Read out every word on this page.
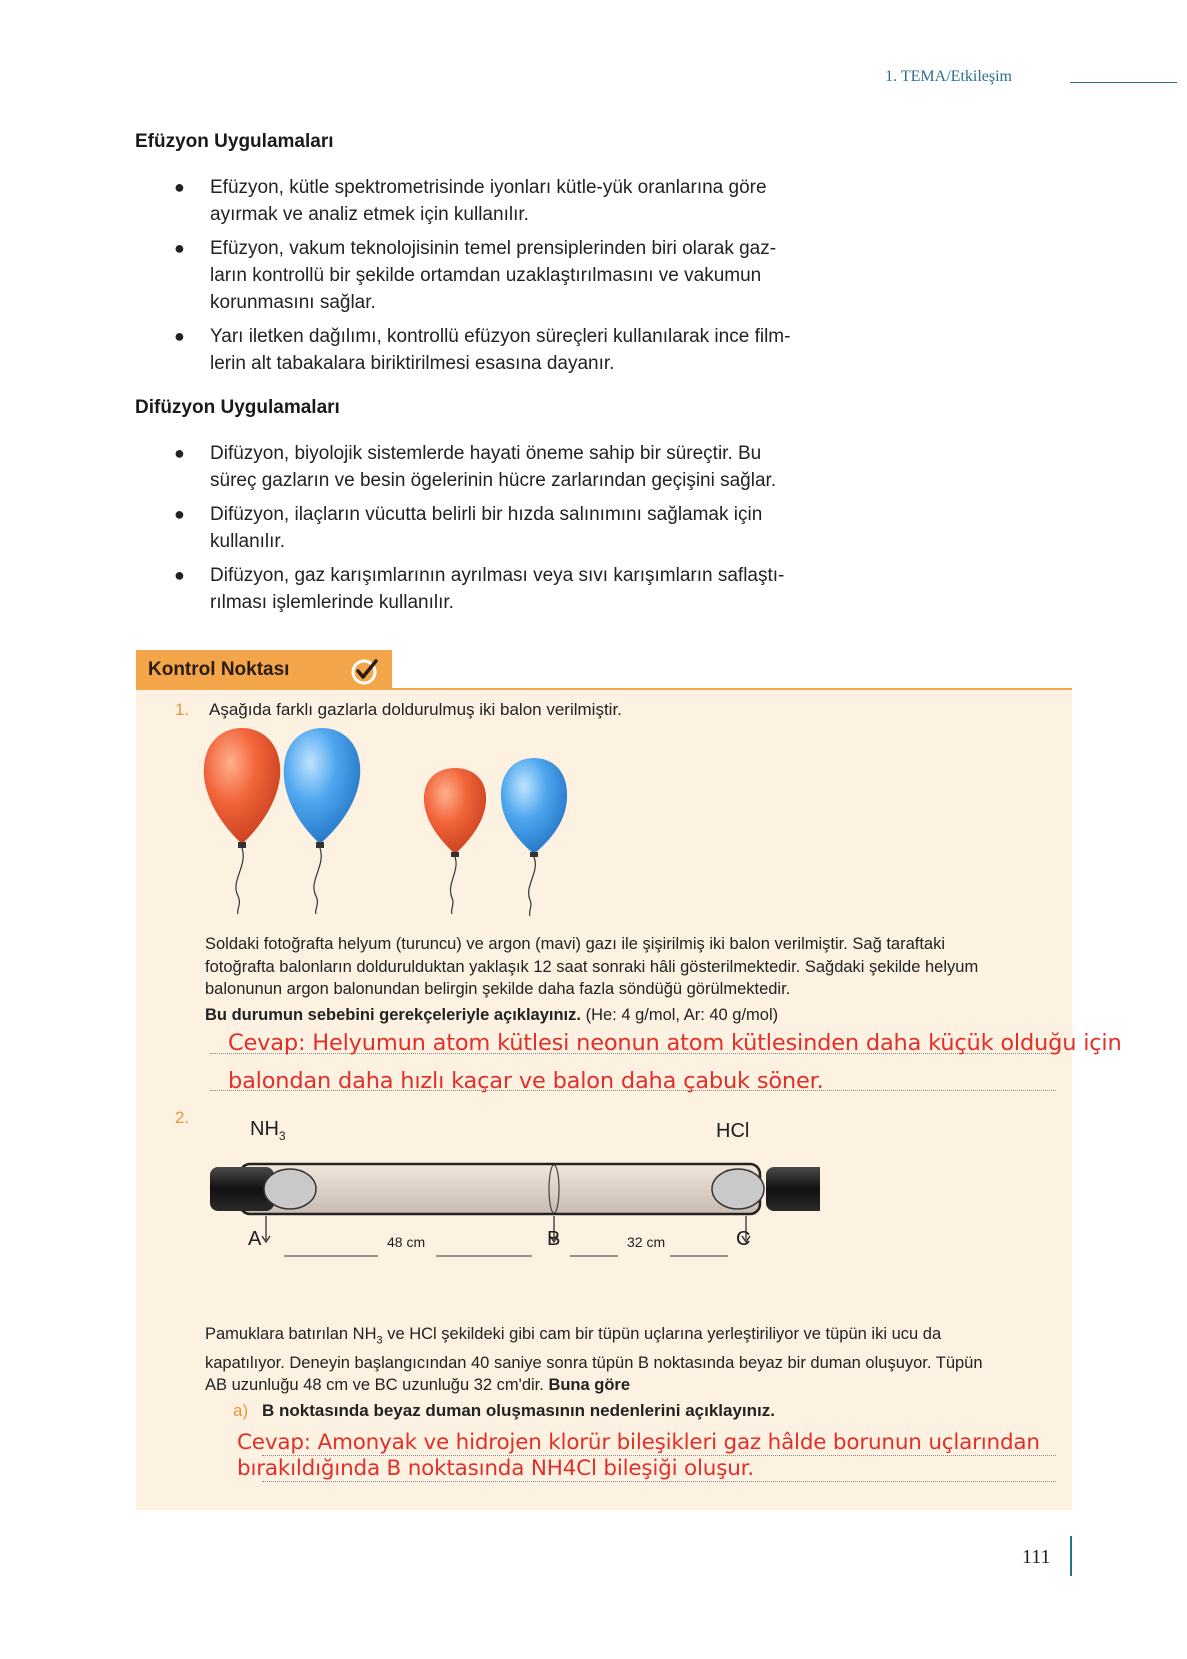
1. TEMA/Etkileşim
Efüzyon Uygulamaları
● Efüzyon, kütle spektrometrisinde iyonları kütle-yük oranlarına göre
ayırmak ve analiz etmek için kullanılır.
● Efüzyon, vakum teknolojisinin temel prensiplerinden biri olarak gaz-
ların kontrollü bir şekilde ortamdan uzaklaştırılmasını ve vakumun
korunmasını sağlar.
● Yarı iletken dağılımı, kontrollü efüzyon süreçleri kullanılarak ince film-
lerin alt tabakalara biriktirilmesi esasına dayanır.
Difüzyon Uygulamaları
● Difüzyon, biyolojik sistemlerde hayati öneme sahip bir süreçtir. Bu
süreç gazların ve besin ögelerinin hücre zarlarından geçişini sağlar.
● Difüzyon, ilaçların vücutta belirli bir hızda salınımını sağlamak için
kullanılır.
● Difüzyon, gaz karışımlarının ayrılması veya sıvı karışımların saflaştı-
rılması işlemlerinde kullanılır.
Kontrol Noktası
1. Aşağıda farklı gazlarla doldurulmuş iki balon verilmiştir.
Soldaki fotoğrafta helyum (turuncu) ve argon (mavi) gazı ile şişirilmiş iki balon verilmiştir. Sağ taraftaki
fotoğrafta balonların doldurulduktan yaklaşık 12 saat sonraki hâli gösterilmektedir. Sağdaki şekilde helyum
balonunun argon balonundan belirgin şekilde daha fazla söndüğü görülmektedir.
Bu durumun sebebini gerekçeleriyle açıklayınız. (He: 4 g/mol, Ar: 40 g/mol)
Cevap: Helyumun atom kütlesi neonun atom kütlesinden daha küçük olduğu için
balondan daha hızlı kaçar ve balon daha çabuk söner.
2.
$NH_3$	HCl
A	B	C
48 cm	32 cm
Pamuklara batırılan $NH_3$ ve HCl şekildeki gibi cam bir tüpün uçlarına yerleştiriliyor ve tüpün iki ucu da
kapatılıyor. Deneyin başlangıcından 40 saniye sonra tüpün B noktasında beyaz bir duman oluşuyor. Tüpün
AB uzunluğu 48 cm ve BC uzunluğu 32 cm'dir. Buna göre
a) B noktasında beyaz duman oluşmasının nedenlerini açıklayınız.
Cevap: Amonyak ve hidrojen klorür bileşikleri gaz hâlde borunun uçlarından
bırakıldığında B noktasında NH4Cl bileşiği oluşur.
111
